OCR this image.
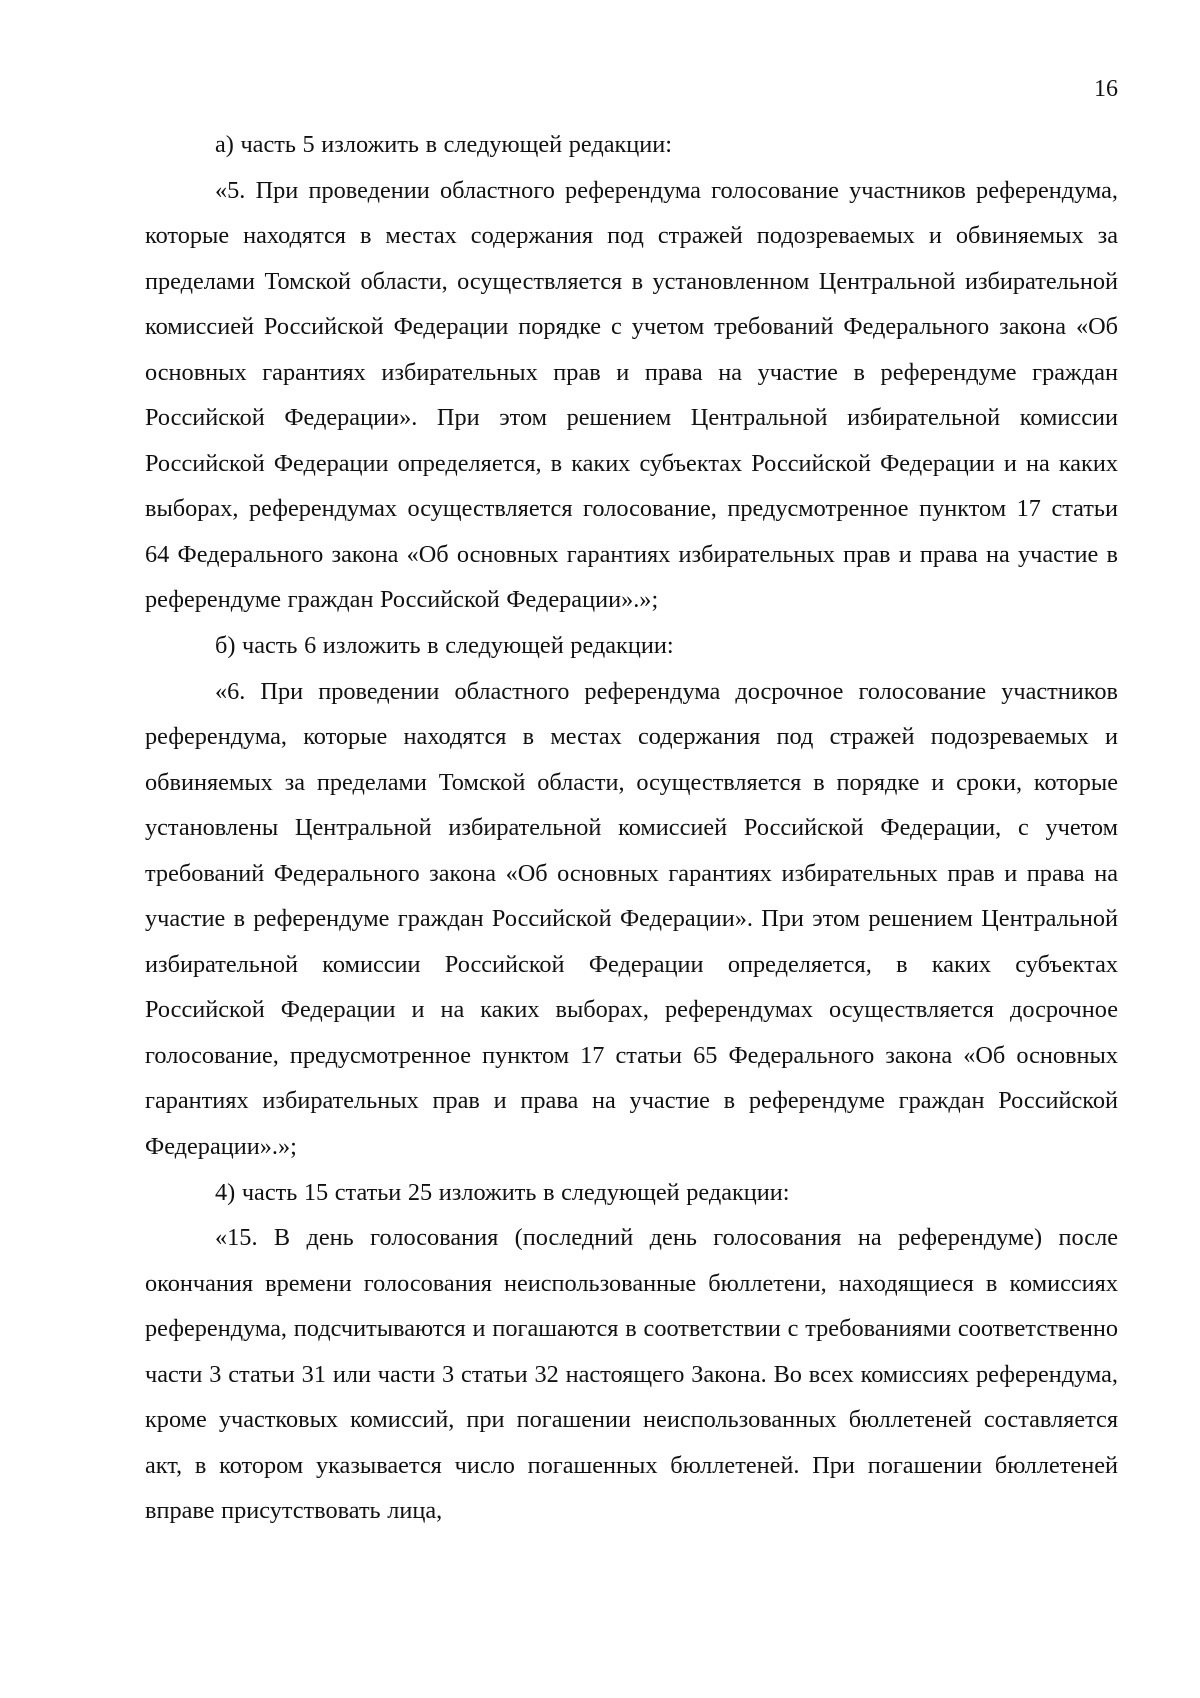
16

а) часть 5 изложить в следующей редакции:

«5. При проведении областного референдума голосование участников референдума, которые находятся в местах содержания под стражей подозреваемых и обвиняемых за пределами Томской области, осуществляется в установленном Центральной избирательной комиссией Российской Федерации порядке с учетом требований Федерального закона «Об основных гарантиях избирательных прав и права на участие в референдуме граждан Российской Федерации». При этом решением Центральной избирательной комиссии Российской Федерации определяется, в каких субъектах Российской Федерации и на каких выборах, референдумах осуществляется голосование, предусмотренное пунктом 17 статьи 64 Федерального закона «Об основных гарантиях избирательных прав и права на участие в референдуме граждан Российской Федерации».»;

б) часть 6 изложить в следующей редакции:

«6. При проведении областного референдума досрочное голосование участников референдума, которые находятся в местах содержания под стражей подозреваемых и обвиняемых за пределами Томской области, осуществляется в порядке и сроки, которые установлены Центральной избирательной комиссией Российской Федерации, с учетом требований Федерального закона «Об основных гарантиях избирательных прав и права на участие в референдуме граждан Российской Федерации». При этом решением Центральной избирательной комиссии Российской Федерации определяется, в каких субъектах Российской Федерации и на каких выборах, референдумах осуществляется досрочное голосование, предусмотренное пунктом 17 статьи 65 Федерального закона «Об основных гарантиях избирательных прав и права на участие в референдуме граждан Российской Федерации».»;

4) часть 15 статьи 25 изложить в следующей редакции:

«15. В день голосования (последний день голосования на референдуме) после окончания времени голосования неиспользованные бюллетени, находящиеся в комиссиях референдума, подсчитываются и погашаются в соответствии с требованиями соответственно части 3 статьи 31 или части 3 статьи 32 настоящего Закона. Во всех комиссиях референдума, кроме участковых комиссий, при погашении неиспользованных бюллетеней составляется акт, в котором указывается число погашенных бюллетеней. При погашении бюллетеней вправе присутствовать лица,
